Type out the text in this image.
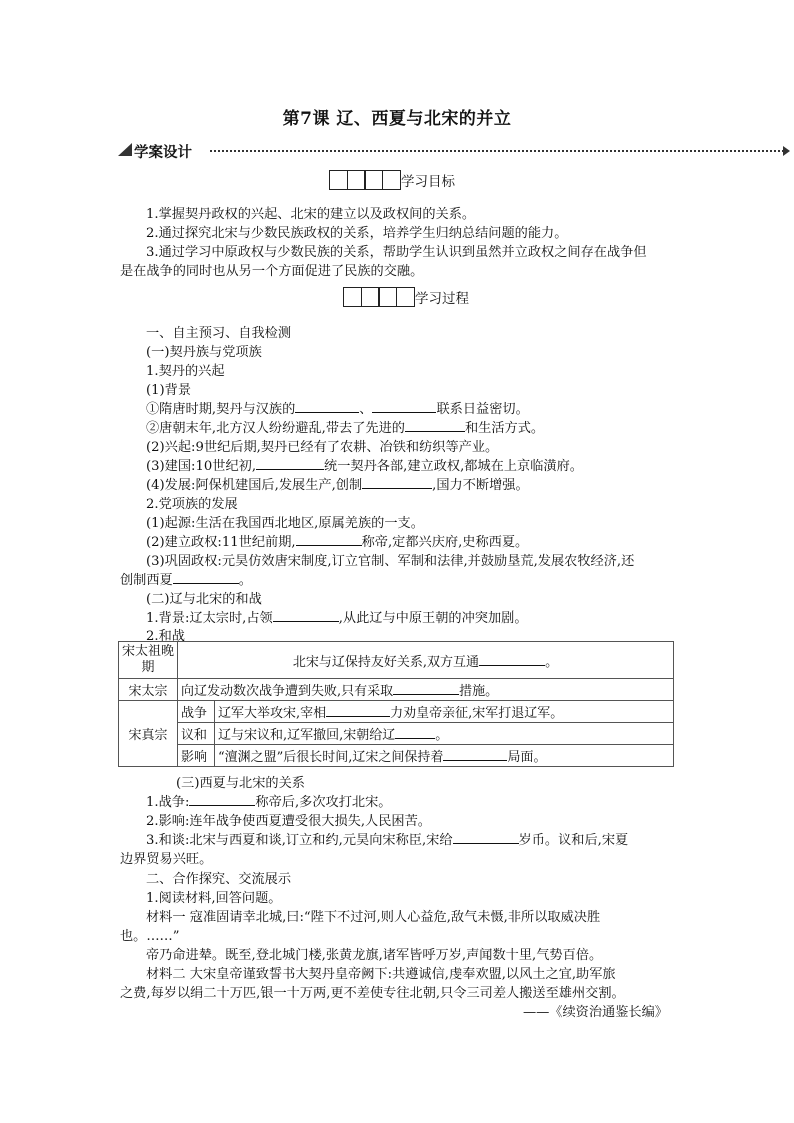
第7课 辽、西夏与北宋的并立
学案设计
学习目标
1.掌握契丹政权的兴起、北宋的建立以及政权间的关系。
2.通过探究北宋与少数民族政权的关系，培养学生归纳总结问题的能力。
3.通过学习中原政权与少数民族的关系，帮助学生认识到虽然并立政权之间存在战争但
是在战争的同时也从另一个方面促进了民族的交融。
学习过程
一、自主预习、自我检测
(一)契丹族与党项族
1.契丹的兴起
(1)背景
①隋唐时期,契丹与汉族的	、	联系日益密切。
②唐朝末年,北方汉人纷纷避乱,带去了先进的	和生活方式。
(2)兴起:9世纪后期,契丹已经有了农耕、冶铁和纺织等产业。
(3)建国:10世纪初,	统一契丹各部,建立政权,都城在上京临潢府。
(4)发展:阿保机建国后,发展生产,创制	,国力不断增强。
2.党项族的发展
(1)起源:生活在我国西北地区,原属羌族的一支。
(2)建立政权:11世纪前期,	称帝,定都兴庆府,史称西夏。
(3)巩固政权:元昊仿效唐宋制度,订立官制、军制和法律,并鼓励垦荒,发展农牧经济,还
创制西夏	。
(二)辽与北宋的和战
1.背景:辽太宗时,占领	,从此辽与中原王朝的冲突加剧。
2.和战
宋太祖晚期	北宋与辽保持友好关系,双方互通 。	
宋太宗	向辽发动数次战争遭到失败,只有采取 措施。	
宋真宗	战争	辽军大举攻宋,宰相 力劝皇帝亲征,宋军打退辽军。
	议和	辽与宋议和,辽军撤回,宋朝给辽 。
	影响	“澶渊之盟”后很长时间,辽宋之间保持着 局面。
(三)西夏与北宋的关系
1.战争:	称帝后,多次攻打北宋。
2.影响:连年战争使西夏遭受很大损失,人民困苦。
3.和谈:北宋与西夏和谈,订立和约,元昊向宋称臣,宋给	岁币。议和后,宋夏
边界贸易兴旺。
二、合作探究、交流展示
1.阅读材料,回答问题。
材料一 寇准固请幸北城,曰:“陛下不过河,则人心益危,敌气未慑,非所以取威决胜
也。……”
帝乃命进辇。既至,登北城门楼,张黄龙旗,诸军皆呼万岁,声闻数十里,气势百倍。
材料二 大宋皇帝谨致誓书大契丹皇帝阙下:共遵诚信,虔奉欢盟,以风土之宜,助军旅
之费,每岁以绢二十万匹,银一十万两,更不差使专往北朝,只令三司差人搬送至雄州交割。
——《续资治通鉴长编》
